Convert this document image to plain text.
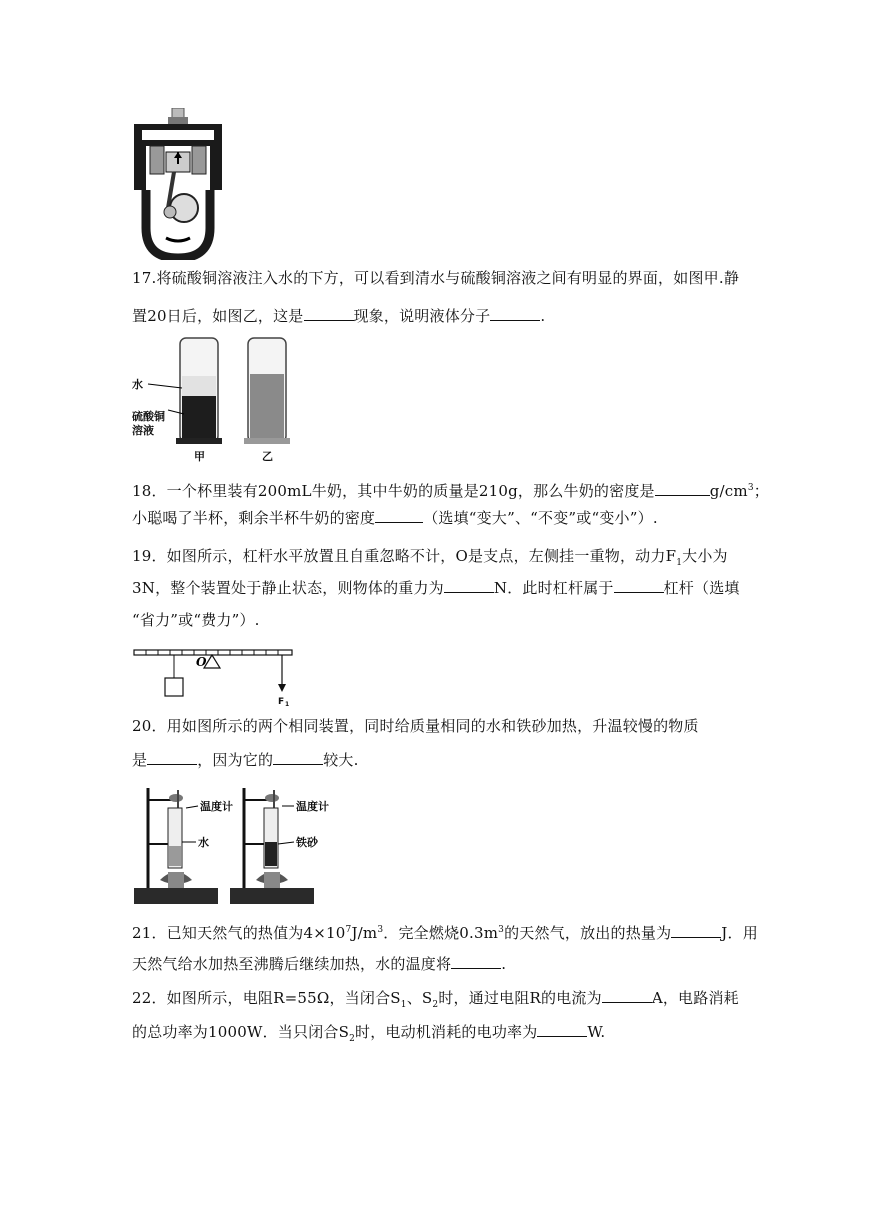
17.将硫酸铜溶液注入水的下方，可以看到清水与硫酸铜溶液之间有明显的界面，如图甲.静
置20日后，如图乙，这是	现象，说明液体分子	.
水
硫酸铜
溶液
甲	乙
18．一个杯里装有200mL牛奶，其中牛奶的质量是210g，那么牛奶的密度是	$g/cm^3$；
小聪喝了半杯，剩余半杯牛奶的密度	（选填“变大”、“不变”或“变小”）.
19．如图所示，杠杆水平放置且自重忽略不计，O是支点，左侧挂一重物，动力$F_1$大小为
3N，整个装置处于静止状态，则物体的重力为	N．此时杠杆属于	杠杆（选填
“省力”或“费力”）.
O
F 1
20．用如图所示的两个相同装置，同时给质量相同的水和铁砂加热，升温较慢的物质
是	，因为它的	较大.
温度计
水
温度计
铁砂
21．已知天然气的热值为$4\times 10^7J/m^3$．完全燃烧$0.3m^3$的天然气，放出的热量为	J．用
天然气给水加热至沸腾后继续加热，水的温度将	.
22．如图所示，电阻R=55Ω，当闭合$S_1$、$S_2$时，通过电阻R的电流为	A，电路消耗
的总功率为1000W．当只闭合$S_2$时，电动机消耗的电功率为	W.
